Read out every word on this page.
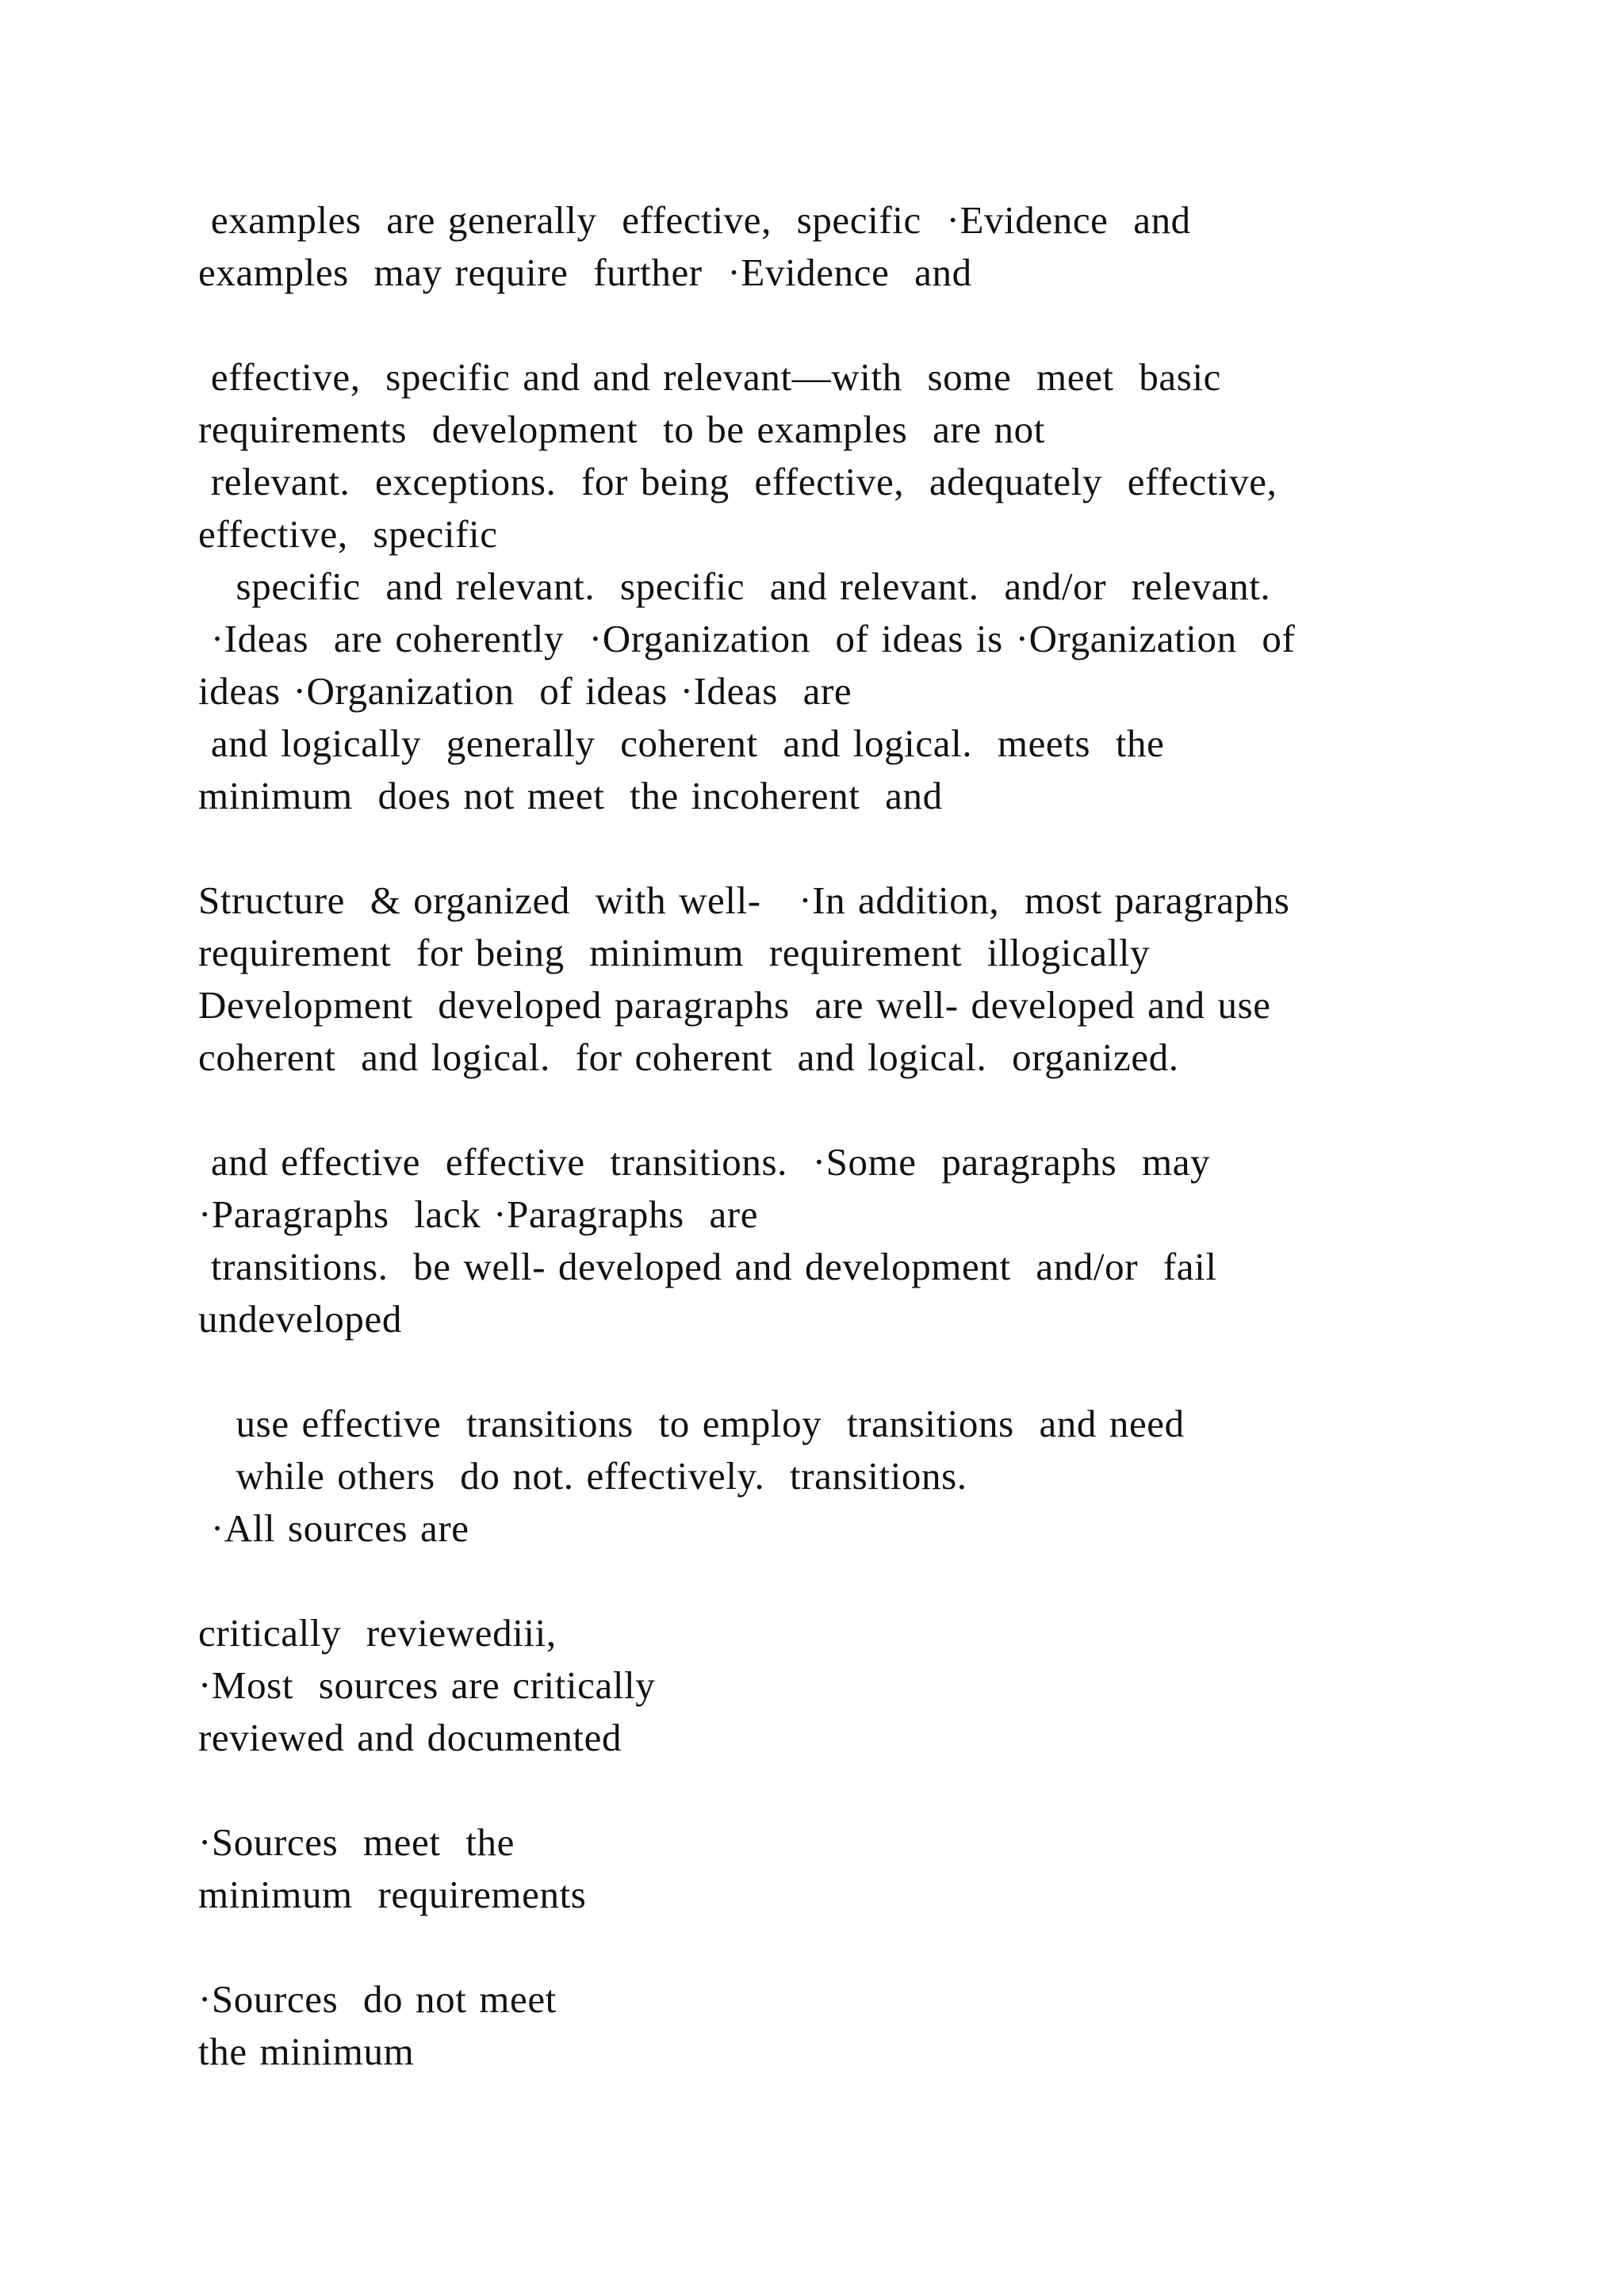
examples  are generally  effective,  specific  ·Evidence  and
examples  may require  further  ·Evidence  and
effective,  specific and and relevant—with  some  meet  basic
requirements  development  to be examples  are not
relevant.  exceptions.  for being  effective,  adequately  effective,
effective,  specific
specific  and relevant.  specific  and relevant.  and/or  relevant.
·Ideas  are coherently  ·Organization  of ideas is ·Organization  of
ideas ·Organization  of ideas ·Ideas  are
and logically  generally  coherent  and logical.  meets  the
minimum  does not meet  the incoherent  and
Structure  & organized  with well-   ·In addition,  most paragraphs
requirement  for being  minimum  requirement  illogically
Development  developed paragraphs  are well- developed and use
coherent  and logical.  for coherent  and logical.  organized.
and effective  effective  transitions.  ·Some  paragraphs  may
·Paragraphs  lack ·Paragraphs  are
transitions.  be well- developed and development  and/or  fail
undeveloped
use effective  transitions  to employ  transitions  and need
while others  do not. effectively.  transitions.
·All sources are
critically  reviewediii,
·Most  sources are critically
reviewed and documented
·Sources  meet  the
minimum  requirements
·Sources  do not meet
the minimum
